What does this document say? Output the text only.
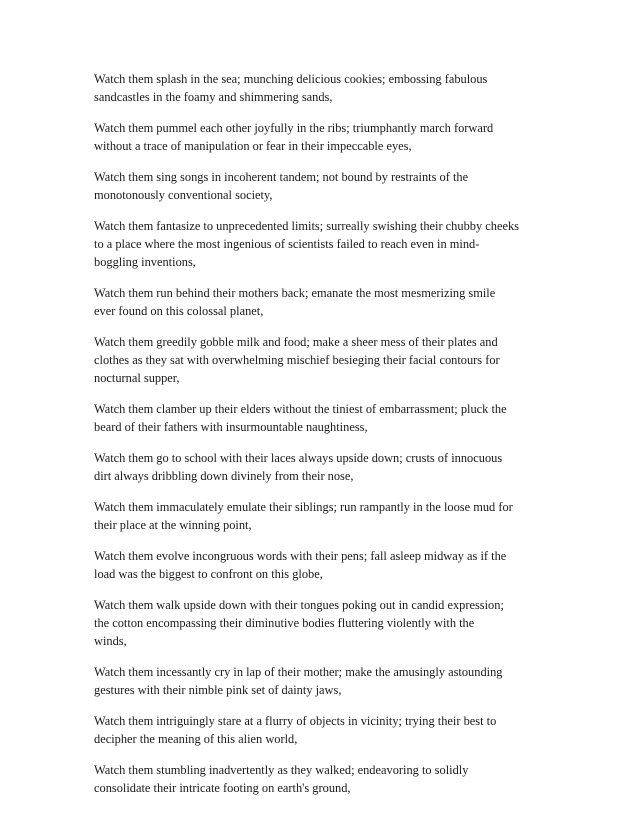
Watch them splash in the sea; munching delicious cookies; embossing fabulous
sandcastles in the foamy and shimmering sands,

Watch them pummel each other joyfully in the ribs; triumphantly march forward
without a trace of manipulation or fear in their impeccable eyes,

Watch them sing songs in incoherent tandem; not bound by restraints of the
monotonously conventional society,

Watch them fantasize to unprecedented limits; surreally swishing their chubby cheeks
to a place where the most ingenious of scientists failed to reach even in mind-
boggling inventions,

Watch them run behind their mothers back; emanate the most mesmerizing smile
ever found on this colossal planet,

Watch them greedily gobble milk and food; make a sheer mess of their plates and
clothes as they sat with overwhelming mischief besieging their facial contours for
nocturnal supper,

Watch them clamber up their elders without the tiniest of embarrassment; pluck the
beard of their fathers with insurmountable naughtiness,

Watch them go to school with their laces always upside down; crusts of innocuous
dirt always dribbling down divinely from their nose,

Watch them immaculately emulate their siblings; run rampantly in the loose mud for
their place at the winning point,

Watch them evolve incongruous words with their pens; fall asleep midway as if the
load was the biggest to confront on this globe,

Watch them walk upside down with their tongues poking out in candid expression;
the cotton encompassing their diminutive bodies fluttering violently with the
winds,

Watch them incessantly cry in lap of their mother; make the amusingly astounding
gestures with their nimble pink set of dainty jaws,

Watch them intriguingly stare at a flurry of objects in vicinity; trying their best to
decipher the meaning of this alien world,

Watch them stumbling inadvertently as they walked; endeavoring to solidly
consolidate their intricate footing on earth's ground,
